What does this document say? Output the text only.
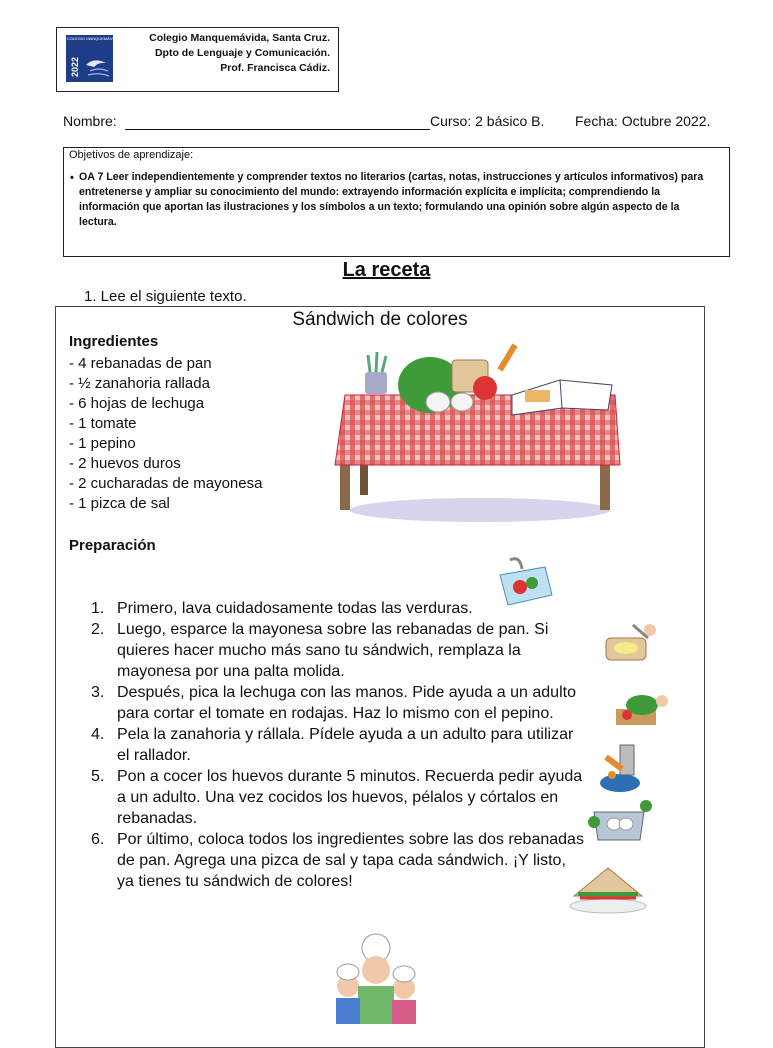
COLEGIO MANQUEMÁVIDA
2022
Colegio Manquemávida, Santa Cruz.
Dpto de Lenguaje y Comunicación.
Prof. Francisca Cádiz.
Nombre:	Curso: 2 básico B. Fecha: Octubre 2022.
Objetivos de aprendizaje:
• OA 7 Leer independientemente y comprender textos no literarios (cartas, notas, instrucciones y artículos informativos) para entretenerse y ampliar su conocimiento del mundo: extrayendo información explícita e implícita; comprendiendo la información que aportan las ilustraciones y los símbolos a un texto; formulando una opinión sobre algún aspecto de la lectura.
La receta
1. Lee el siguiente texto.
Sándwich de colores
Ingredientes
- 4 rebanadas de pan
- ½ zanahoria rallada
- 6 hojas de lechuga
- 1 tomate
- 1 pepino
- 2 huevos duros
- 2 cucharadas de mayonesa
- 1 pizca de sal
Preparación
1. Primero, lava cuidadosamente todas las verduras.
2. Luego, esparce la mayonesa sobre las rebanadas de pan. Si quieres hacer mucho más sano tu sándwich, remplaza la mayonesa por una palta molida.
3. Después, pica la lechuga con las manos. Pide ayuda a un adulto para cortar el tomate en rodajas. Haz lo mismo con el pepino.
4. Pela la zanahoria y rállala. Pídele ayuda a un adulto para utilizar el rallador.
5. Pon a cocer los huevos durante 5 minutos. Recuerda pedir ayuda a un adulto. Una vez cocidos los huevos, pélalos y córtalos en rebanadas.
6. Por último, coloca todos los ingredientes sobre las dos rebanadas de pan. Agrega una pizca de sal y tapa cada sándwich. ¡Y listo, ya tienes tu sándwich de colores!
